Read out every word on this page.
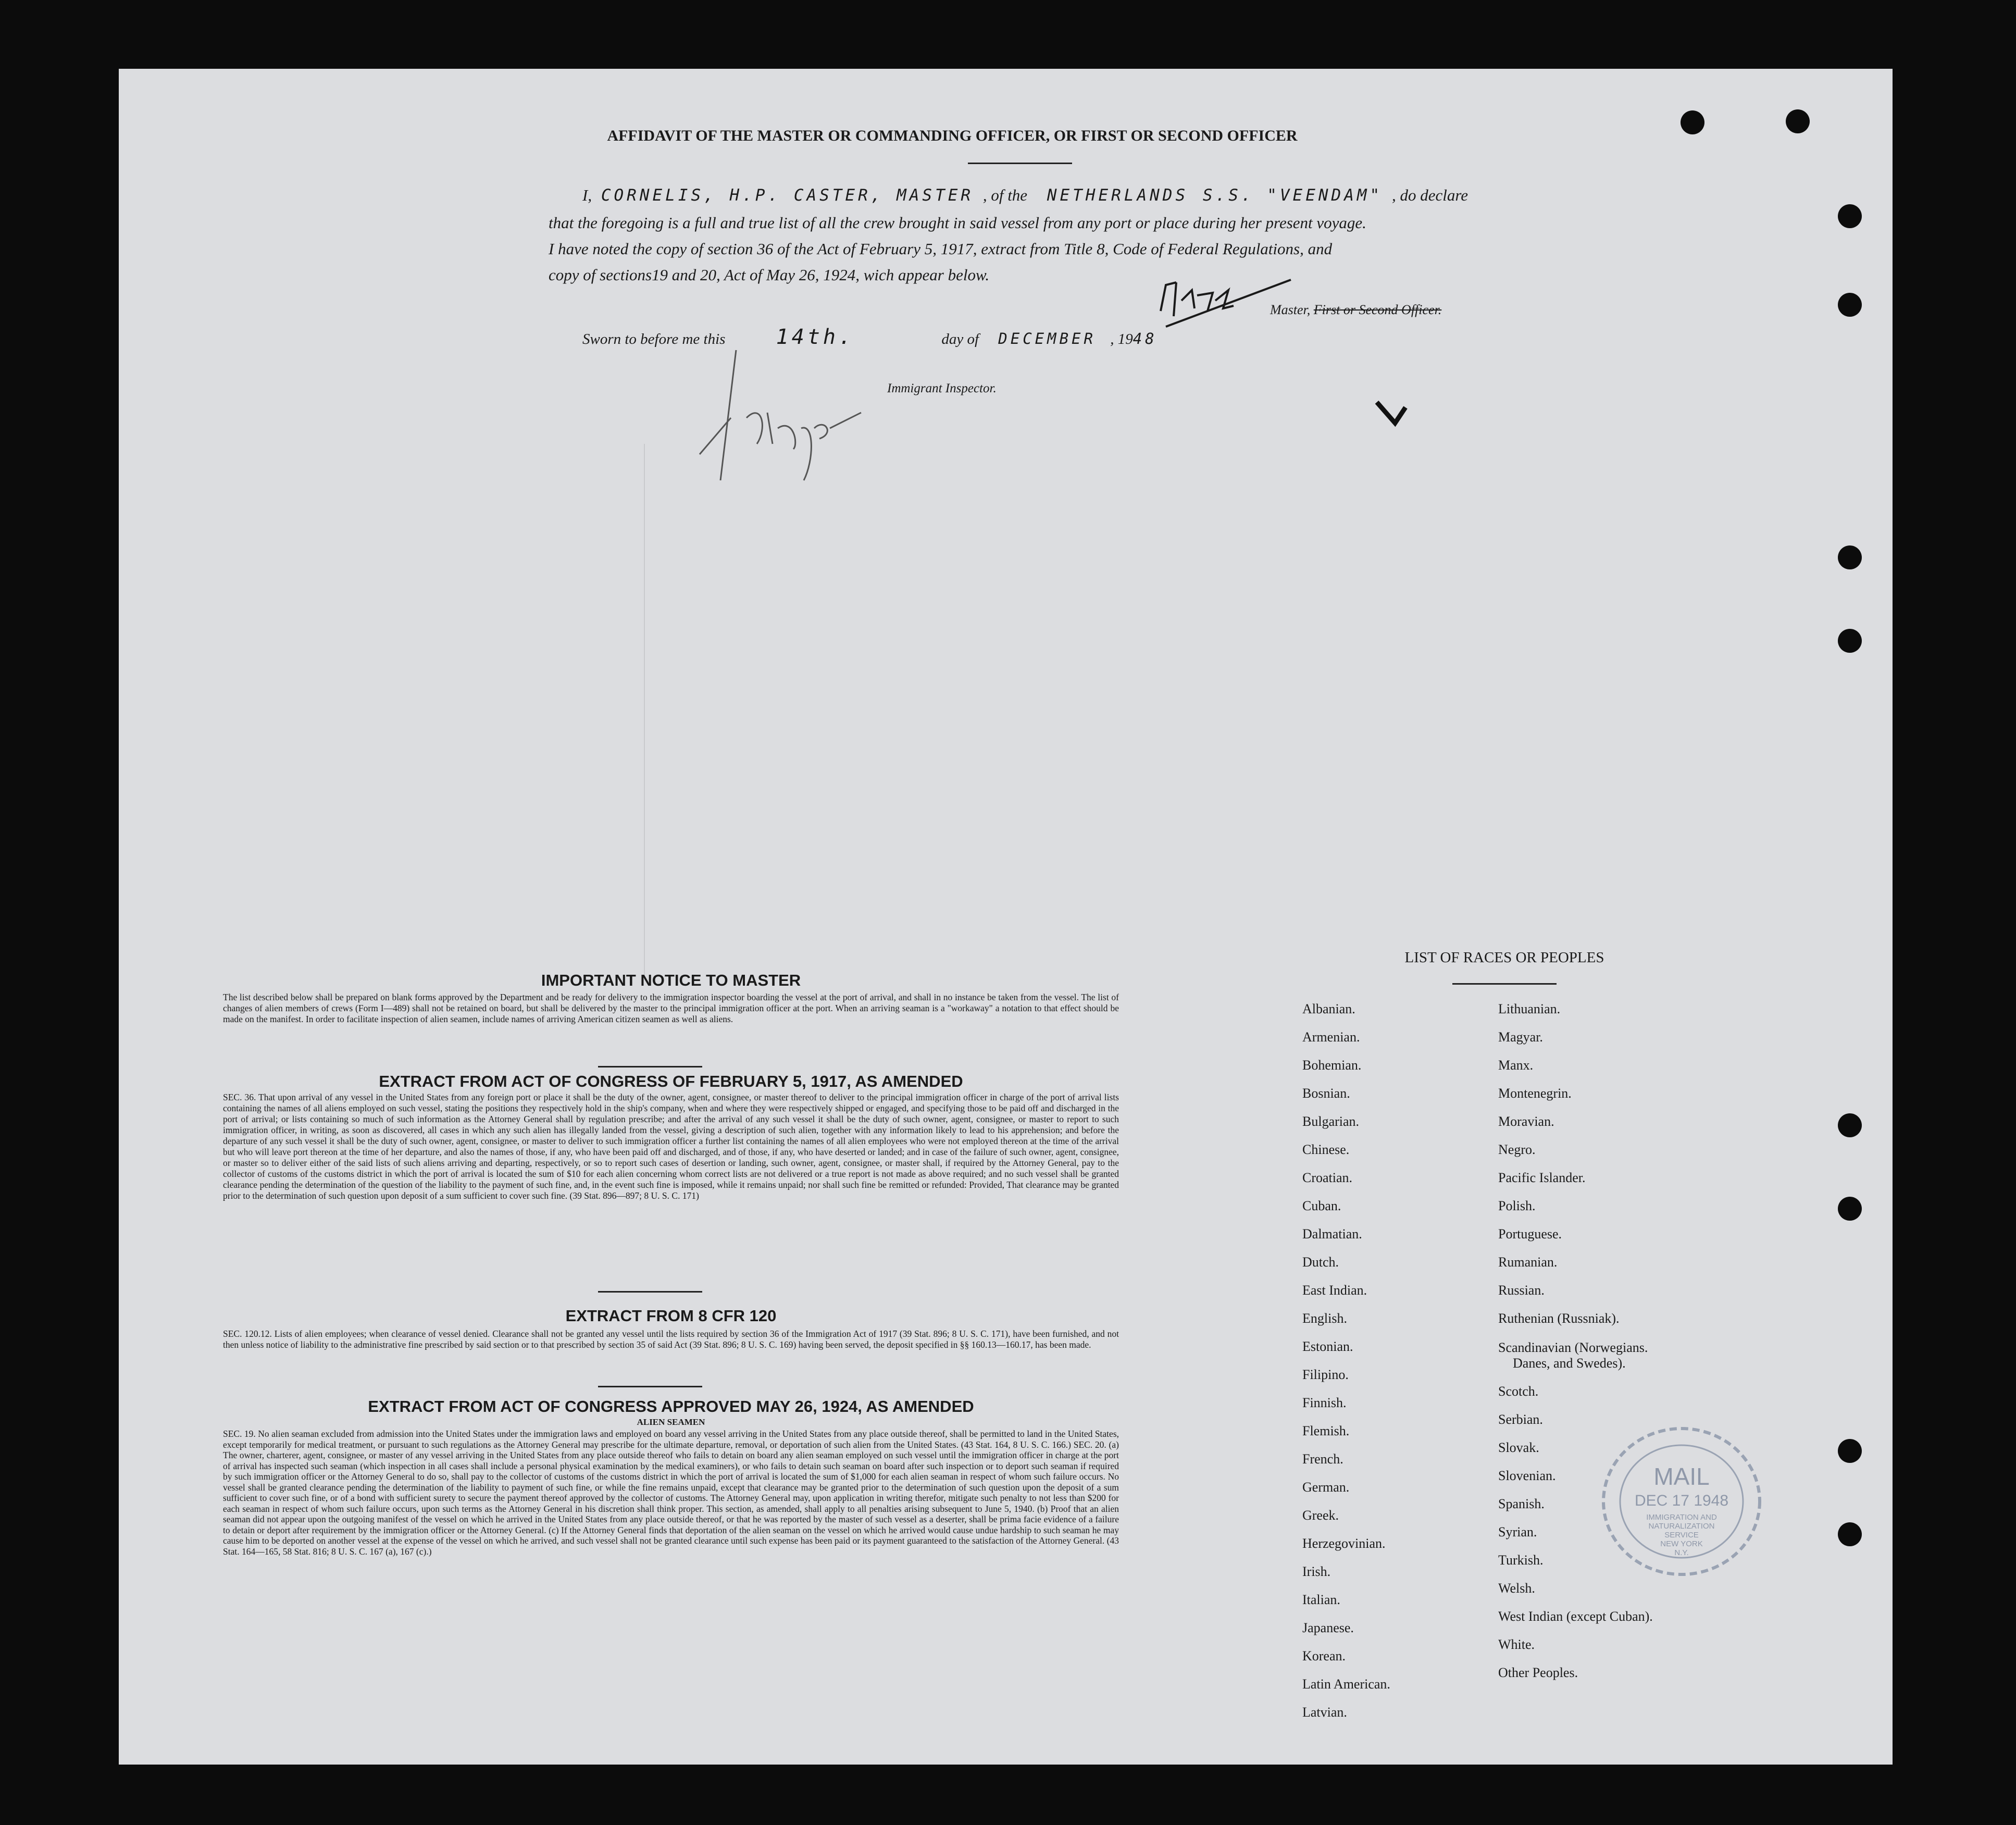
AFFIDAVIT OF THE MASTER OR COMMANDING OFFICER, OR FIRST OR SECOND OFFICER
I, CORNELIS, H.P. CASTER, MASTER , of the NETHERLANDS S.S. "VEENDAM" , do declare
that the foregoing is a full and true list of all the crew brought in said vessel from any port or place during her present voyage.
I have noted the copy of section 36 of the Act of February 5, 1917, extract from Title 8, Code of Federal Regulations, and
copy of sections19 and 20, Act of May 26, 1924, wich appear below.
Master, First or Second Officer.
Sworn to before me this 14th.	day of DECEMBER , 1948
Immigrant Inspector.
IMPORTANT NOTICE TO MASTER
The list described below shall be prepared on blank forms approved by the Department and be ready for delivery to the immigration inspector boarding the vessel at the port of arrival, and shall in no instance be taken from the vessel. The list of changes of alien members of crews (Form I—489) shall not be retained on board, but shall be delivered by the master to the principal immigration officer at the port. When an arriving seaman is a "workaway" a notation to that effect should be made on the manifest. In order to facilitate inspection of alien seamen, include names of arriving American citizen seamen as well as aliens.
EXTRACT FROM ACT OF CONGRESS OF FEBRUARY 5, 1917, AS AMENDED
SEC. 36. That upon arrival of any vessel in the United States from any foreign port or place it shall be the duty of the owner, agent, consignee, or master thereof to deliver to the principal immigration officer in charge of the port of arrival lists containing the names of all aliens employed on such vessel, stating the positions they respectively hold in the ship's company, when and where they were respectively shipped or engaged, and specifying those to be paid off and discharged in the port of arrival; or lists containing so much of such information as the Attorney General shall by regulation prescribe; and after the arrival of any such vessel it shall be the duty of such owner, agent, consignee, or master to report to such immigration officer, in writing, as soon as discovered, all cases in which any such alien has illegally landed from the vessel, giving a description of such alien, together with any information likely to lead to his apprehension; and before the departure of any such vessel it shall be the duty of such owner, agent, consignee, or master to deliver to such immigration officer a further list containing the names of all alien employees who were not employed thereon at the time of the arrival but who will leave port thereon at the time of her departure, and also the names of those, if any, who have been paid off and discharged, and of those, if any, who have deserted or landed; and in case of the failure of such owner, agent, consignee, or master so to deliver either of the said lists of such aliens arriving and departing, respectively, or so to report such cases of desertion or landing, such owner, agent, consignee, or master shall, if required by the Attorney General, pay to the collector of customs of the customs district in which the port of arrival is located the sum of $10 for each alien concerning whom correct lists are not delivered or a true report is not made as above required; and no such vessel shall be granted clearance pending the determination of the question of the liability to the payment of such fine, and, in the event such fine is imposed, while it remains unpaid; nor shall such fine be remitted or refunded: Provided, That clearance may be granted prior to the determination of such question upon deposit of a sum sufficient to cover such fine. (39 Stat. 896—897; 8 U. S. C. 171)
EXTRACT FROM 8 CFR 120
SEC. 120.12. Lists of alien employees; when clearance of vessel denied. Clearance shall not be granted any vessel until the lists required by section 36 of the Immigration Act of 1917 (39 Stat. 896; 8 U. S. C. 171), have been furnished, and not then unless notice of liability to the administrative fine prescribed by said section or to that prescribed by section 35 of said Act (39 Stat. 896; 8 U. S. C. 169) having been served, the deposit specified in §§ 160.13—160.17, has been made.
EXTRACT FROM ACT OF CONGRESS APPROVED MAY 26, 1924, AS AMENDED
ALIEN SEAMEN
SEC. 19. No alien seaman excluded from admission into the United States under the immigration laws and employed on board any vessel arriving in the United States from any place outside thereof, shall be permitted to land in the United States, except temporarily for medical treatment, or pursuant to such regulations as the Attorney General may prescribe for the ultimate departure, removal, or deportation of such alien from the United States. (43 Stat. 164, 8 U. S. C. 166.) SEC. 20. (a) The owner, charterer, agent, consignee, or master of any vessel arriving in the United States from any place outside thereof who fails to detain on board any alien seaman employed on such vessel until the immigration officer in charge at the port of arrival has inspected such seaman (which inspection in all cases shall include a personal physical examination by the medical examiners), or who fails to detain such seaman on board after such inspection or to deport such seaman if required by such immigration officer or the Attorney General to do so, shall pay to the collector of customs of the customs district in which the port of arrival is located the sum of $1,000 for each alien seaman in respect of whom such failure occurs. No vessel shall be granted clearance pending the determination of the liability to payment of such fine, or while the fine remains unpaid, except that clearance may be granted prior to the determination of such question upon the deposit of a sum sufficient to cover such fine, or of a bond with sufficient surety to secure the payment thereof approved by the collector of customs. The Attorney General may, upon application in writing therefor, mitigate such penalty to not less than $200 for each seaman in respect of whom such failure occurs, upon such terms as the Attorney General in his discretion shall think proper. This section, as amended, shall apply to all penalties arising subsequent to June 5, 1940. (b) Proof that an alien seaman did not appear upon the outgoing manifest of the vessel on which he arrived in the United States from any place outside thereof, or that he was reported by the master of such vessel as a deserter, shall be prima facie evidence of a failure to detain or deport after requirement by the immigration officer or the Attorney General. (c) If the Attorney General finds that deportation of the alien seaman on the vessel on which he arrived would cause undue hardship to such seaman he may cause him to be deported on another vessel at the expense of the vessel on which he arrived, and such vessel shall not be granted clearance until such expense has been paid or its payment guaranteed to the satisfaction of the Attorney General. (43 Stat. 164—165, 58 Stat. 816; 8 U. S. C. 167 (a), 167 (c).)
LIST OF RACES OR PEOPLES
Albanian.
Armenian.
Bohemian.
Bosnian.
Bulgarian.
Chinese.
Croatian.
Cuban.
Dalmatian.
Dutch.
East Indian.
English.
Estonian.
Filipino.
Finnish.
Flemish.
French.
German.
Greek.
Herzegovinian.
Irish.
Italian.
Japanese.
Korean.
Latin American.
Latvian.
Lithuanian.
Magyar.
Manx.
Montenegrin.
Moravian.
Negro.
Pacific Islander.
Polish.
Portuguese.
Rumanian.
Russian.
Ruthenian (Russniak).
Scandinavian (Norwegians.
Danes, and Swedes).
Scotch.
Serbian.
Slovak.
Slovenian.
Spanish.
Syrian.
Turkish.
Welsh.
West Indian (except Cuban).
White.
Other Peoples.
MAIL
DEC 17 1948
IMMIGRATION AND
NATURALIZATION
SERVICE
NEW YORK
N.Y.
